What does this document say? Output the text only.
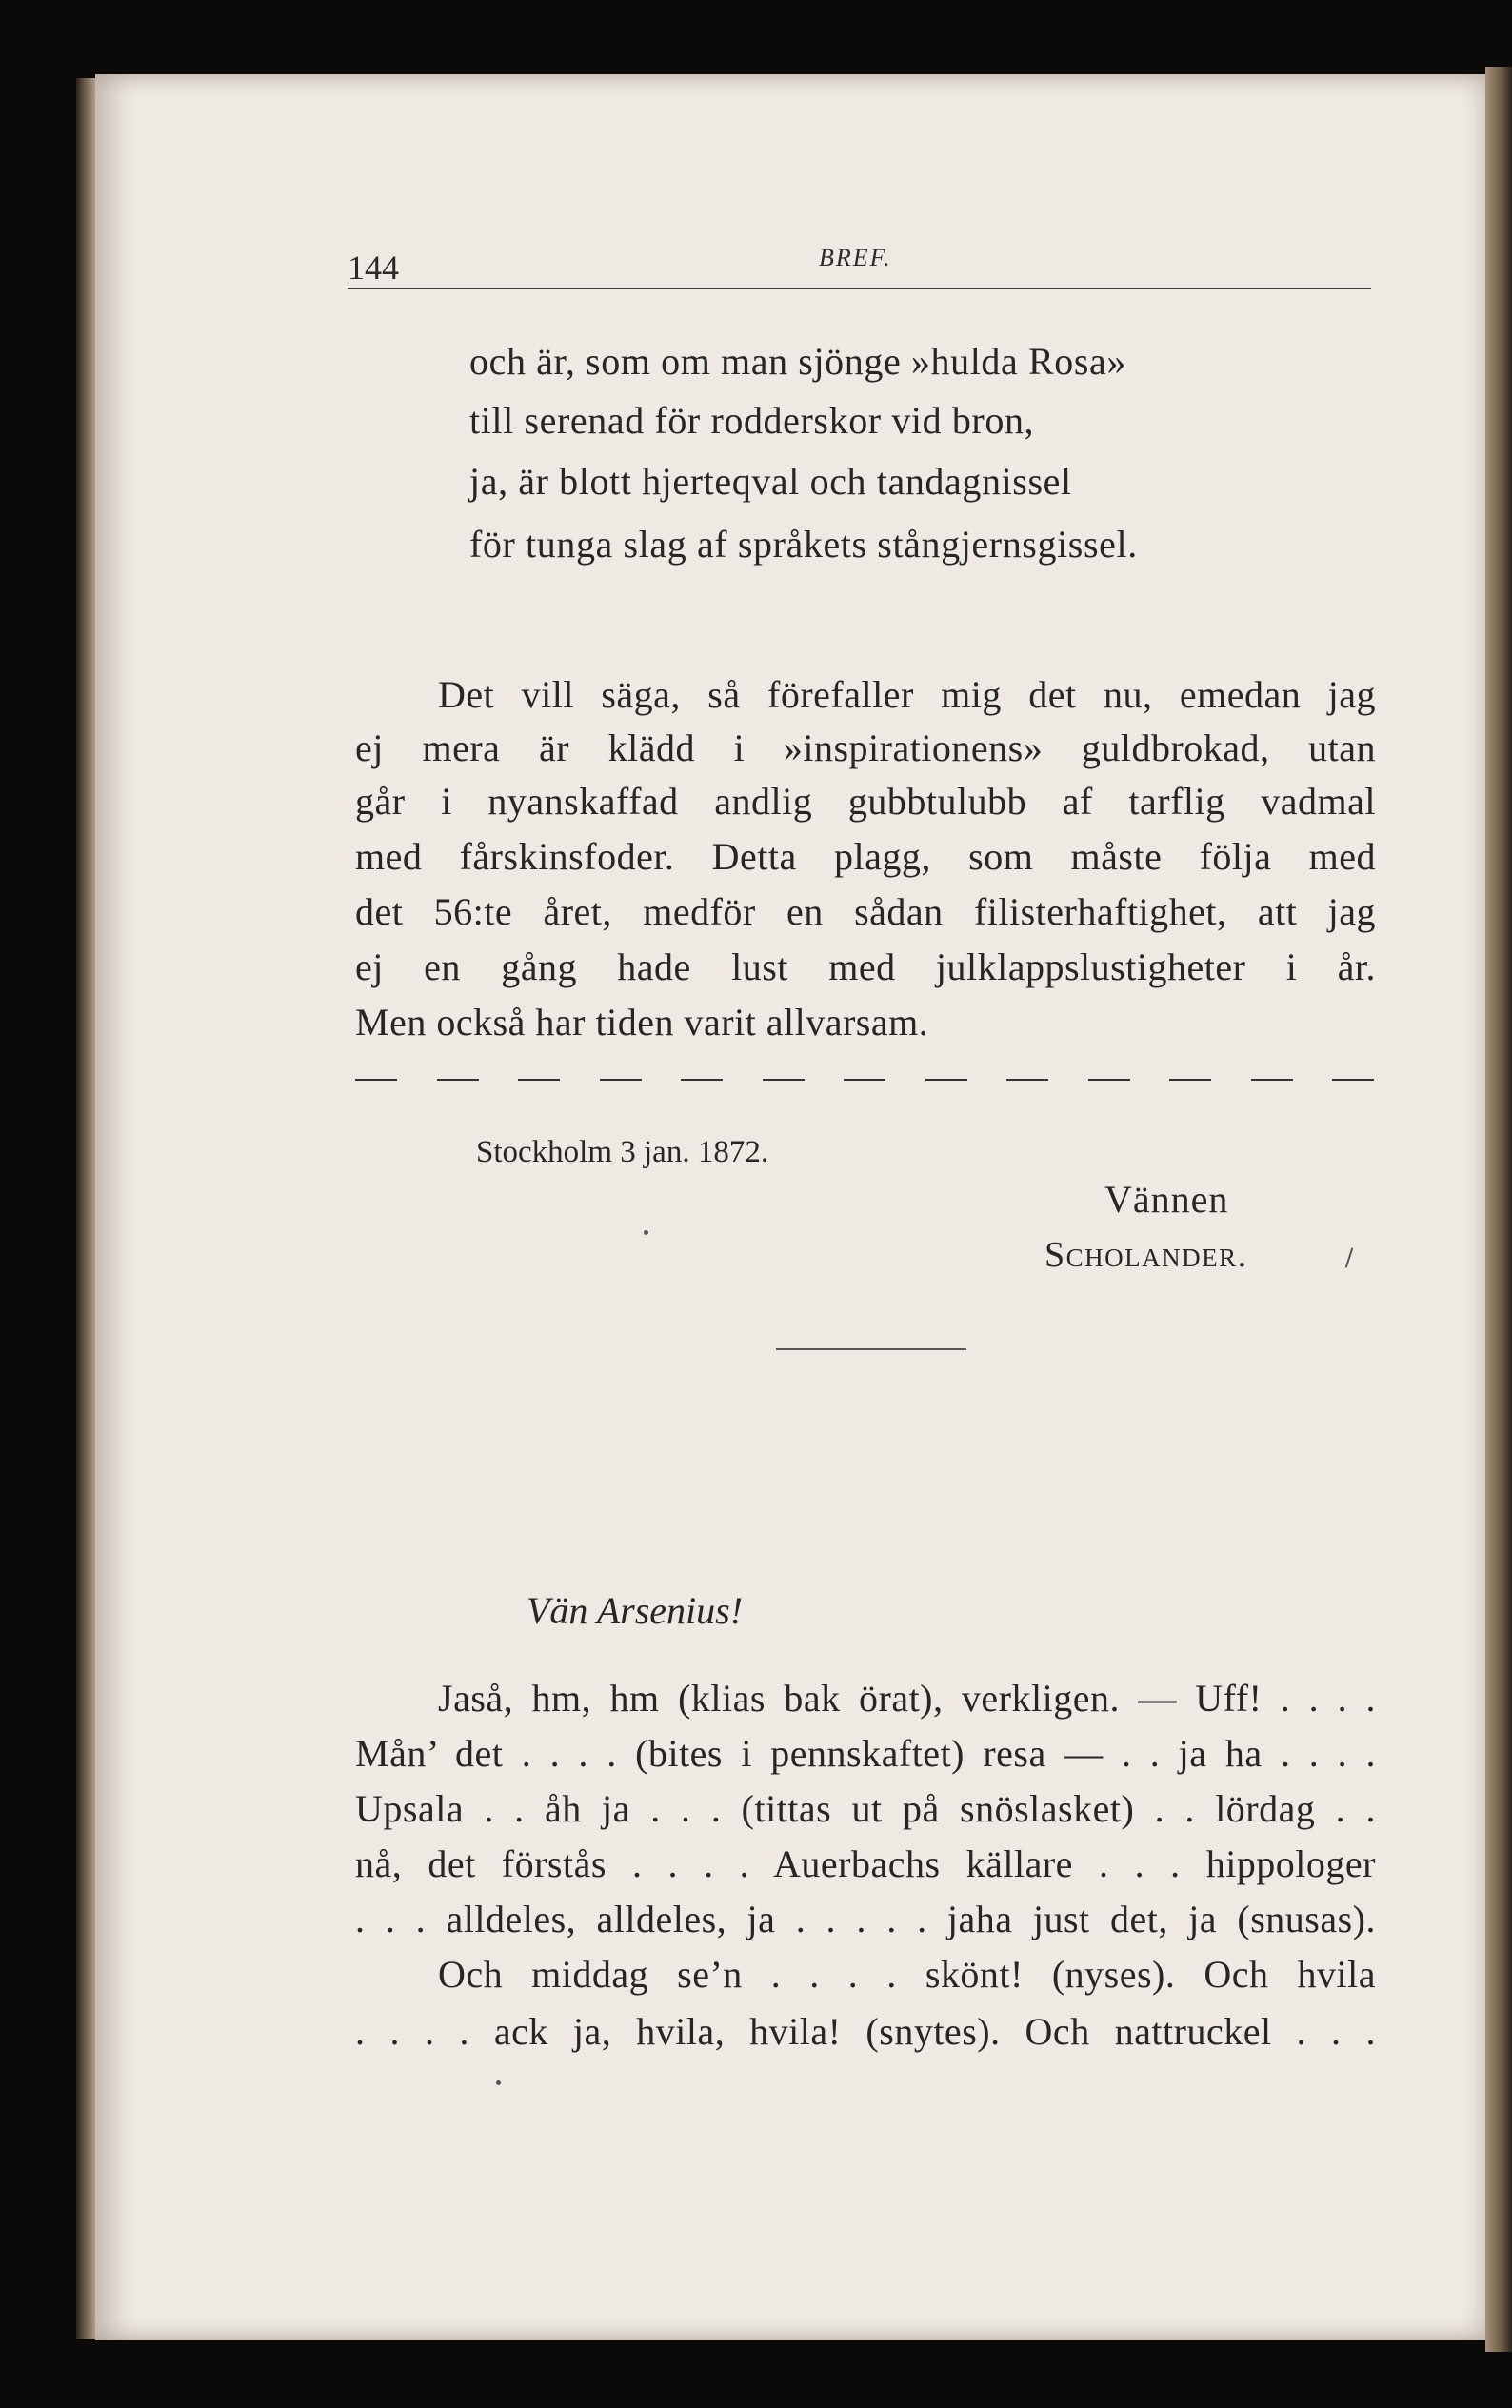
144	BREF.
och är, som om man sjönge »hulda Rosa»
till serenad för rodderskor vid bron,
ja, är blott hjerteqval och tandagnissel
för tunga slag af språkets stångjernsgissel.
Det vill säga, så förefaller mig det nu, emedan jag
ej mera är klädd i »inspirationens» guldbrokad, utan
går i nyanskaffad andlig gubbtulubb af tarflig vadmal
med fårskinsfoder. Detta plagg, som måste följa med
det 56:te året, medför en sådan filisterhaftighet, att jag
ej en gång hade lust med julklappslustigheter i år.
Men också har tiden varit allvarsam.
Stockholm 3 jan. 1872.
Vännen
Scholander.
Vän Arsenius!
Jaså, hm, hm (klias bak örat), verkligen. — Uff! . . . .
Mån’ det . . . . (bites i pennskaftet) resa — . . ja ha . . . .
Upsala . . åh ja . . . (tittas ut på snöslasket) . . lördag . .
nå, det förstås . . . . Auerbachs källare . . . hippologer
. . . alldeles, alldeles, ja . . . . . jaha just det, ja (snusas).
Och middag se’n . . . . skönt! (nyses). Och hvila
. . . . ack ja, hvila, hvila! (snytes). Och nattruckel . . .
